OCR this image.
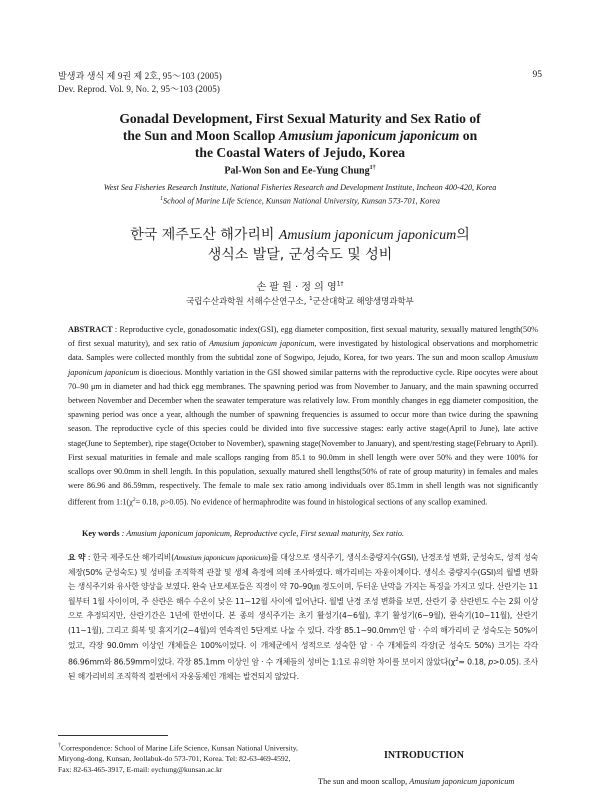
발생과 생식 제 9권 제 2호, 95～103 (2005)
Dev. Reprod. Vol. 9, No. 2, 95～103 (2005)
95
Gonadal Development, First Sexual Maturity and Sex Ratio of
the Sun and Moon Scallop Amusium japonicum japonicum on
the Coastal Waters of Jejudo, Korea
Pal-Won Son and Ee-Yung Chung$^{1\dagger}$
West Sea Fisheries Research Institute, National Fisheries Research and Development Institute, Incheon 400-420, Korea
$^1$School of Marine Life Science, Kunsan National University, Kunsan 573-701, Korea
한국 제주도산 해가리비 Amusium japonicum japonicum의
생식소 발달, 군성숙도 및 성비
손 팔 원 · 정 의 영$^{1\dagger}$
국립수산과학원 서해수산연구소, $^1$군산대학교 해양생명과학부
ABSTRACT : Reproductive cycle, gonadosomatic index(GSI), egg diameter composition, first sexual maturity, sexually matured length(50% of first sexual maturity), and sex ratio of Amusium japonicum japonicum, were investigated by histological observations and morphometric data. Samples were collected monthly from the subtidal zone of Sogwipo, Jejudo, Korea, for two years. The sun and moon scallop Amusium japonicum japonicum is dioecious. Monthly variation in the GSI showed similar patterns with the reproductive cycle. Ripe oocytes were about 70–90 μm in diameter and had thick egg membranes. The spawning period was from November to January, and the main spawning occurred between November and December when the seawater temperature was relatively low. From monthly changes in egg diameter composition, the spawning period was once a year, although the number of spawning frequencies is assumed to occur more than twice during the spawning season. The reproductive cycle of this species could be divided into five successive stages: early active stage(April to June), late active stage(June to September), ripe stage(October to November), spawning stage(November to January), and spent/resting stage(February to April). First sexual maturities in female and male scallops ranging from 85.1 to 90.0mm in shell length were over 50% and they were 100% for scallops over 90.0mm in shell length. In this population, sexually matured shell lengths(50% of rate of group maturity) in females and males were 86.96 and 86.59mm, respectively. The female to male sex ratio among individuals over 85.1mm in shell length was not significantly different from $1:1(\chi^2= 0.18$, p>0.05). No evidence of hermaphrodite was found in histological sections of any scallop examined.
Key words : Amusium japonicum japonicum, Reproductive cycle, First sexual maturity, Sex ratio.
요 약 : 한국 제주도산 해가리비(Amusium japonicum japonicum)를 대상으로 생식주기, 생식소중량지수(GSI), 난경조성 변화, 군성숙도, 성적 성숙체장(50% 군성숙도) 및 성비를 조직학적 관찰 및 생체 측정에 의해 조사하였다. 해가리비는 자웅이체이다. 생식소 중량지수(GSI)의 월별 변화는 생식주기와 유사한 양상을 보였다. 완숙 난모세포들은 직경이 약 70–90㎛ 정도이며, 두터운 난막을 가지는 특징을 가지고 있다. 산란기는 11월부터 1월 사이이며, 주 산란은 해수 수온이 낮은 11~12월 사이에 일어난다. 월별 난경 조성 변화를 보면, 산란기 중 산란빈도 수는 2회 이상으로 추정되지만, 산란기간은 1년에 한번이다. 본 종의 생식주기는 초기 활성기(4~6월), 후기 활성기(6~9월), 완숙기(10~11월), 산란기(11~1월), 그리고 회복 및 휴지기(2~4월)의 연속적인 5단계로 나눌 수 있다. 각장 85.1~90.0mm인 암 · 수의 해가리비 군 성숙도는 50%이었고, 각장 90.0mm 이상인 개체들은 100%이었다. 이 개체군에서 성적으로 성숙한 암 · 수 개체들의 각장(군 성숙도 50%) 크기는 각각 86.96mm와 86.59mm이었다. 각장 85.1mm 이상인 암 · 수 개체들의 성비는 1:1로 유의한 차이를 보이지 않았다($\chi^2= 0.18$, p>0.05). 조사된 해가리비의 조직학적 절편에서 자웅동체인 개체는 발견되지 않았다.
†Correspondence: School of Marine Life Science, Kunsan National University, Miryong-dong, Kunsan, Jeollabuk-do 573-701, Korea. Tel: 82-63-469-4592, Fax: 82-63-465-3917, E-mail: eychung@kunsan.ac.kr
INTRODUCTION
The sun and moon scallop, Amusium japonicum japonicum
